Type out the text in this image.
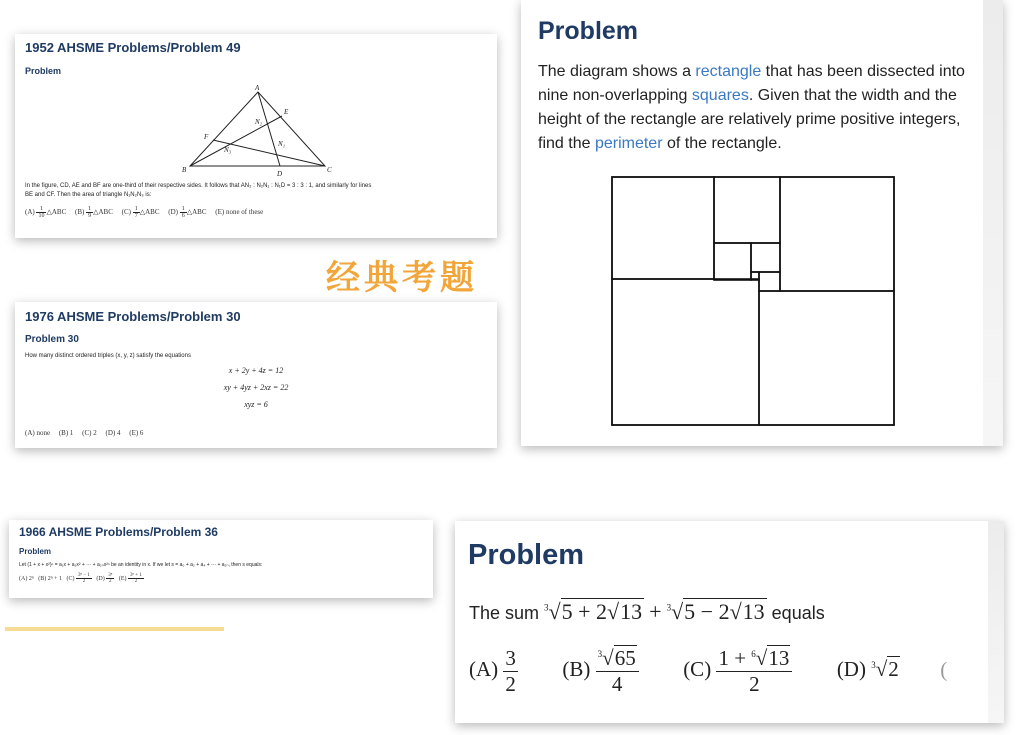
1952 AHSME Problems/Problem 49
Problem
A
B	C
D
E
F
N₁
N₂
N₃
In the figure, CD, AE and BF are one-third of their respective sides. It follows that AN₂ : N₂N₁ : N₁D = 3 : 3 : 1, and similarly for lines
BE and CF. Then the area of triangle N₁N₂N₃ is:
$(A) \frac{1}{10}$ △ABC $(B) \frac{1}{9}$ △ABC $(C) \frac{1}{7}$ △ABC $(D) \frac{1}{6}$ △ABC (E) none of these
经典考题
1976 AHSME Problems/Problem 30
Problem 30
How many distinct ordered triples (x, y, z) satisfy the equations
x + 2y + 4z = 12
xy + 4yz + 2xz = 22
xyz = 6
(A) none (B) 1 (C) 2 (D) 4 (E) 6
1966 AHSME Problems/Problem 36
Problem
Let (1 + x + x²)ⁿ = a₁x + a₂x² + ··· + a₂ₙx²ⁿ be an identity in x. If we let s = a₀ + a₂ + a₄ + ··· + a₂ₙ, then s equals:
(A) 2ⁿ (B) 2ⁿ + 1 $(C) \frac{\text{3ⁿ − 1}}{2} (D) \frac{\text{3ⁿ}}{2} (E) \frac{\text{3ⁿ + 1}}{2}$
Problem
The diagram shows a rectangle that has been dissected into nine non-overlapping squares. Given that the width and the height of the rectangle are relatively prime positive integers, find the perimeter of the rectangle.
Problem
The sum $^3$√5 + 2√13 + $^3$√5 − 2√13 equals
$(A) \frac{3}{2} (B) \frac{^3√65}{4} (C) \frac{1 + ^6√13}{2} (D)$ $^3$√2 (
